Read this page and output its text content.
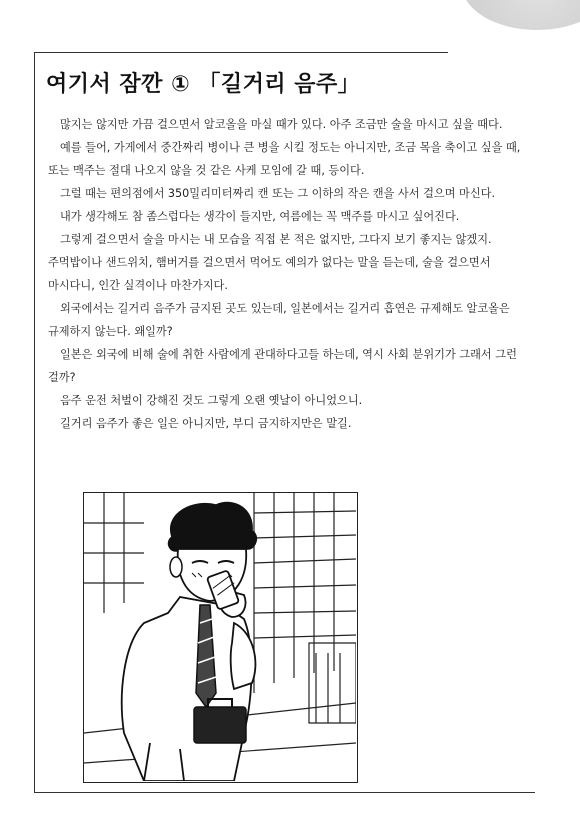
여기서 잠깐 ① 「길거리 음주」

많지는 않지만 가끔 걸으면서 알코올을 마실 때가 있다. 아주 조금만 술을 마시고 싶을 때다.

예를 들어, 가게에서 중간짜리 병이나 큰 병을 시킬 정도는 아니지만, 조금 목을 축이고 싶을 때, 또는 맥주는 절대 나오지 않을 것 같은 사케 모임에 갈 때, 등이다.

그럴 때는 편의점에서 350밀리미터짜리 캔 또는 그 이하의 작은 캔을 사서 걸으며 마신다.

내가 생각해도 참 좀스럽다는 생각이 들지만, 여름에는 꼭 맥주를 마시고 싶어진다.

그렇게 걸으면서 술을 마시는 내 모습을 직접 본 적은 없지만, 그다지 보기 좋지는 않겠지. 주먹밥이나 샌드위치, 햄버거를 걸으면서 먹어도 예의가 없다는 말을 듣는데, 술을 걸으면서 마시다니, 인간 실격이나 마찬가지다.

외국에서는 길거리 음주가 금지된 곳도 있는데, 일본에서는 길거리 흡연은 규제해도 알코올은 규제하지 않는다. 왜일까?

일본은 외국에 비해 술에 취한 사람에게 관대하다고들 하는데, 역시 사회 분위기가 그래서 그런 걸까?

음주 운전 처벌이 강해진 것도 그렇게 오랜 옛날이 아니었으니.

길거리 음주가 좋은 일은 아니지만, 부디 금지하지만은 말길.
